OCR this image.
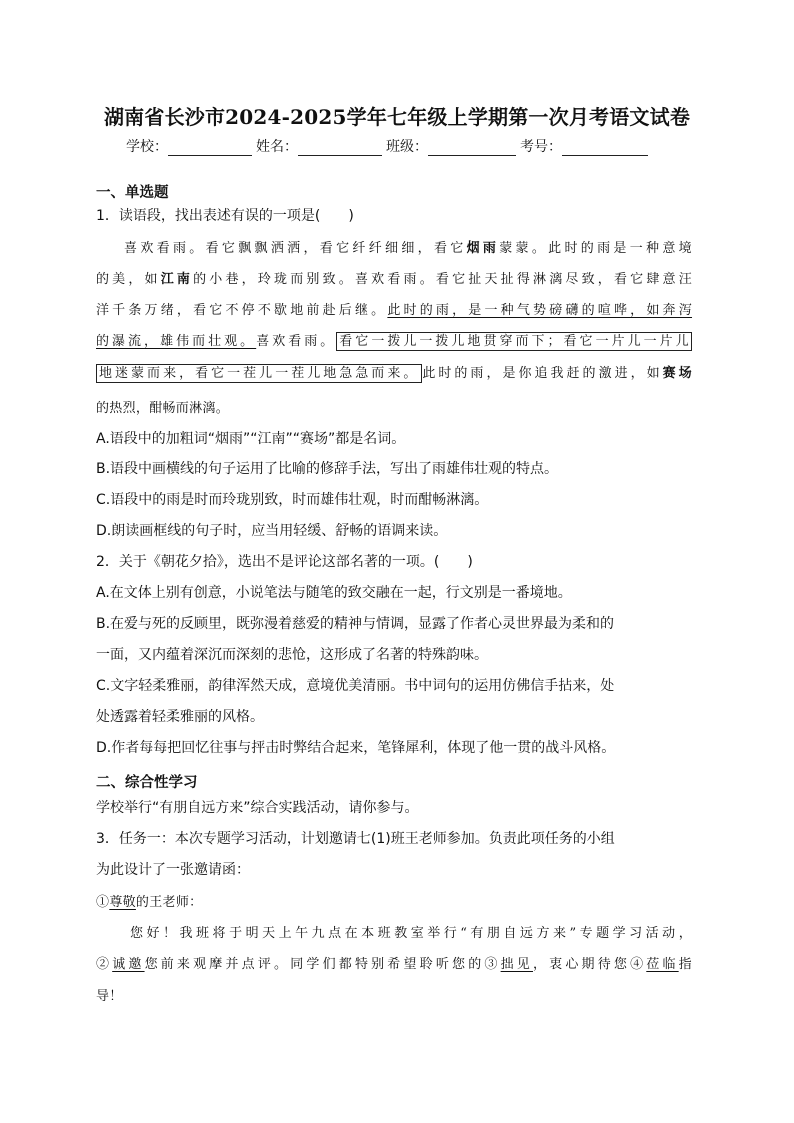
湖南省长沙市2024-2025学年七年级上学期第一次月考语文试卷
学校：	姓名：	班级：	考号：
一、单选题
1．读语段，找出表述有误的一项是(　　)
喜欢看雨。看它飘飘洒洒，看它纤纤细细，看它烟雨蒙蒙。此时的雨是一种意境
的美，如江南的小巷，玲珑而别致。喜欢看雨。看它扯天扯得淋漓尽致，看它肆意汪
洋千条万绪，看它不停不歇地前赴后继。此时的雨，是一种气势磅礴的喧哗，如奔泻
的瀑流，雄伟而壮观。喜欢看雨。 看它一拨儿一拨儿地贯穿而下；看它一片儿一片儿
地迷蒙而来，看它一茬儿一茬儿地急急而来。 此时的雨，是你追我赶的激进，如赛场
的热烈，酣畅而淋漓。
A.语段中的加粗词“烟雨”“江南”“赛场”都是名词。
B.语段中画横线的句子运用了比喻的修辞手法，写出了雨雄伟壮观的特点。
C.语段中的雨是时而玲珑别致，时而雄伟壮观，时而酣畅淋漓。
D.朗读画框线的句子时，应当用轻缓、舒畅的语调来读。
2．关于《朝花夕拾》，选出不是评论这部名著的一项。(　　)
A.在文体上别有创意，小说笔法与随笔的致交融在一起，行文别是一番境地。
B.在爱与死的反顾里，既弥漫着慈爱的精神与情调，显露了作者心灵世界最为柔和的
一面，又内蕴着深沉而深刻的悲怆，这形成了名著的特殊韵味。
C.文字轻柔雅丽，韵律浑然天成，意境优美清丽。书中词句的运用仿佛信手拈来，处
处透露着轻柔雅丽的风格。
D.作者每每把回忆往事与抨击时弊结合起来，笔锋犀利，体现了他一贯的战斗风格。
二、综合性学习
学校举行“有朋自远方来”综合实践活动，请你参与。
3．任务一：本次专题学习活动，计划邀请七(1)班王老师参加。负责此项任务的小组
为此设计了一张邀请函：
①尊敬的王老师：
您好！我班将于明天上午九点在本班教室举行“有朋自远方来”专题学习活动，
②诚邀您前来观摩并点评。同学们都特别希望聆听您的③拙见，衷心期待您④莅临指
导！
